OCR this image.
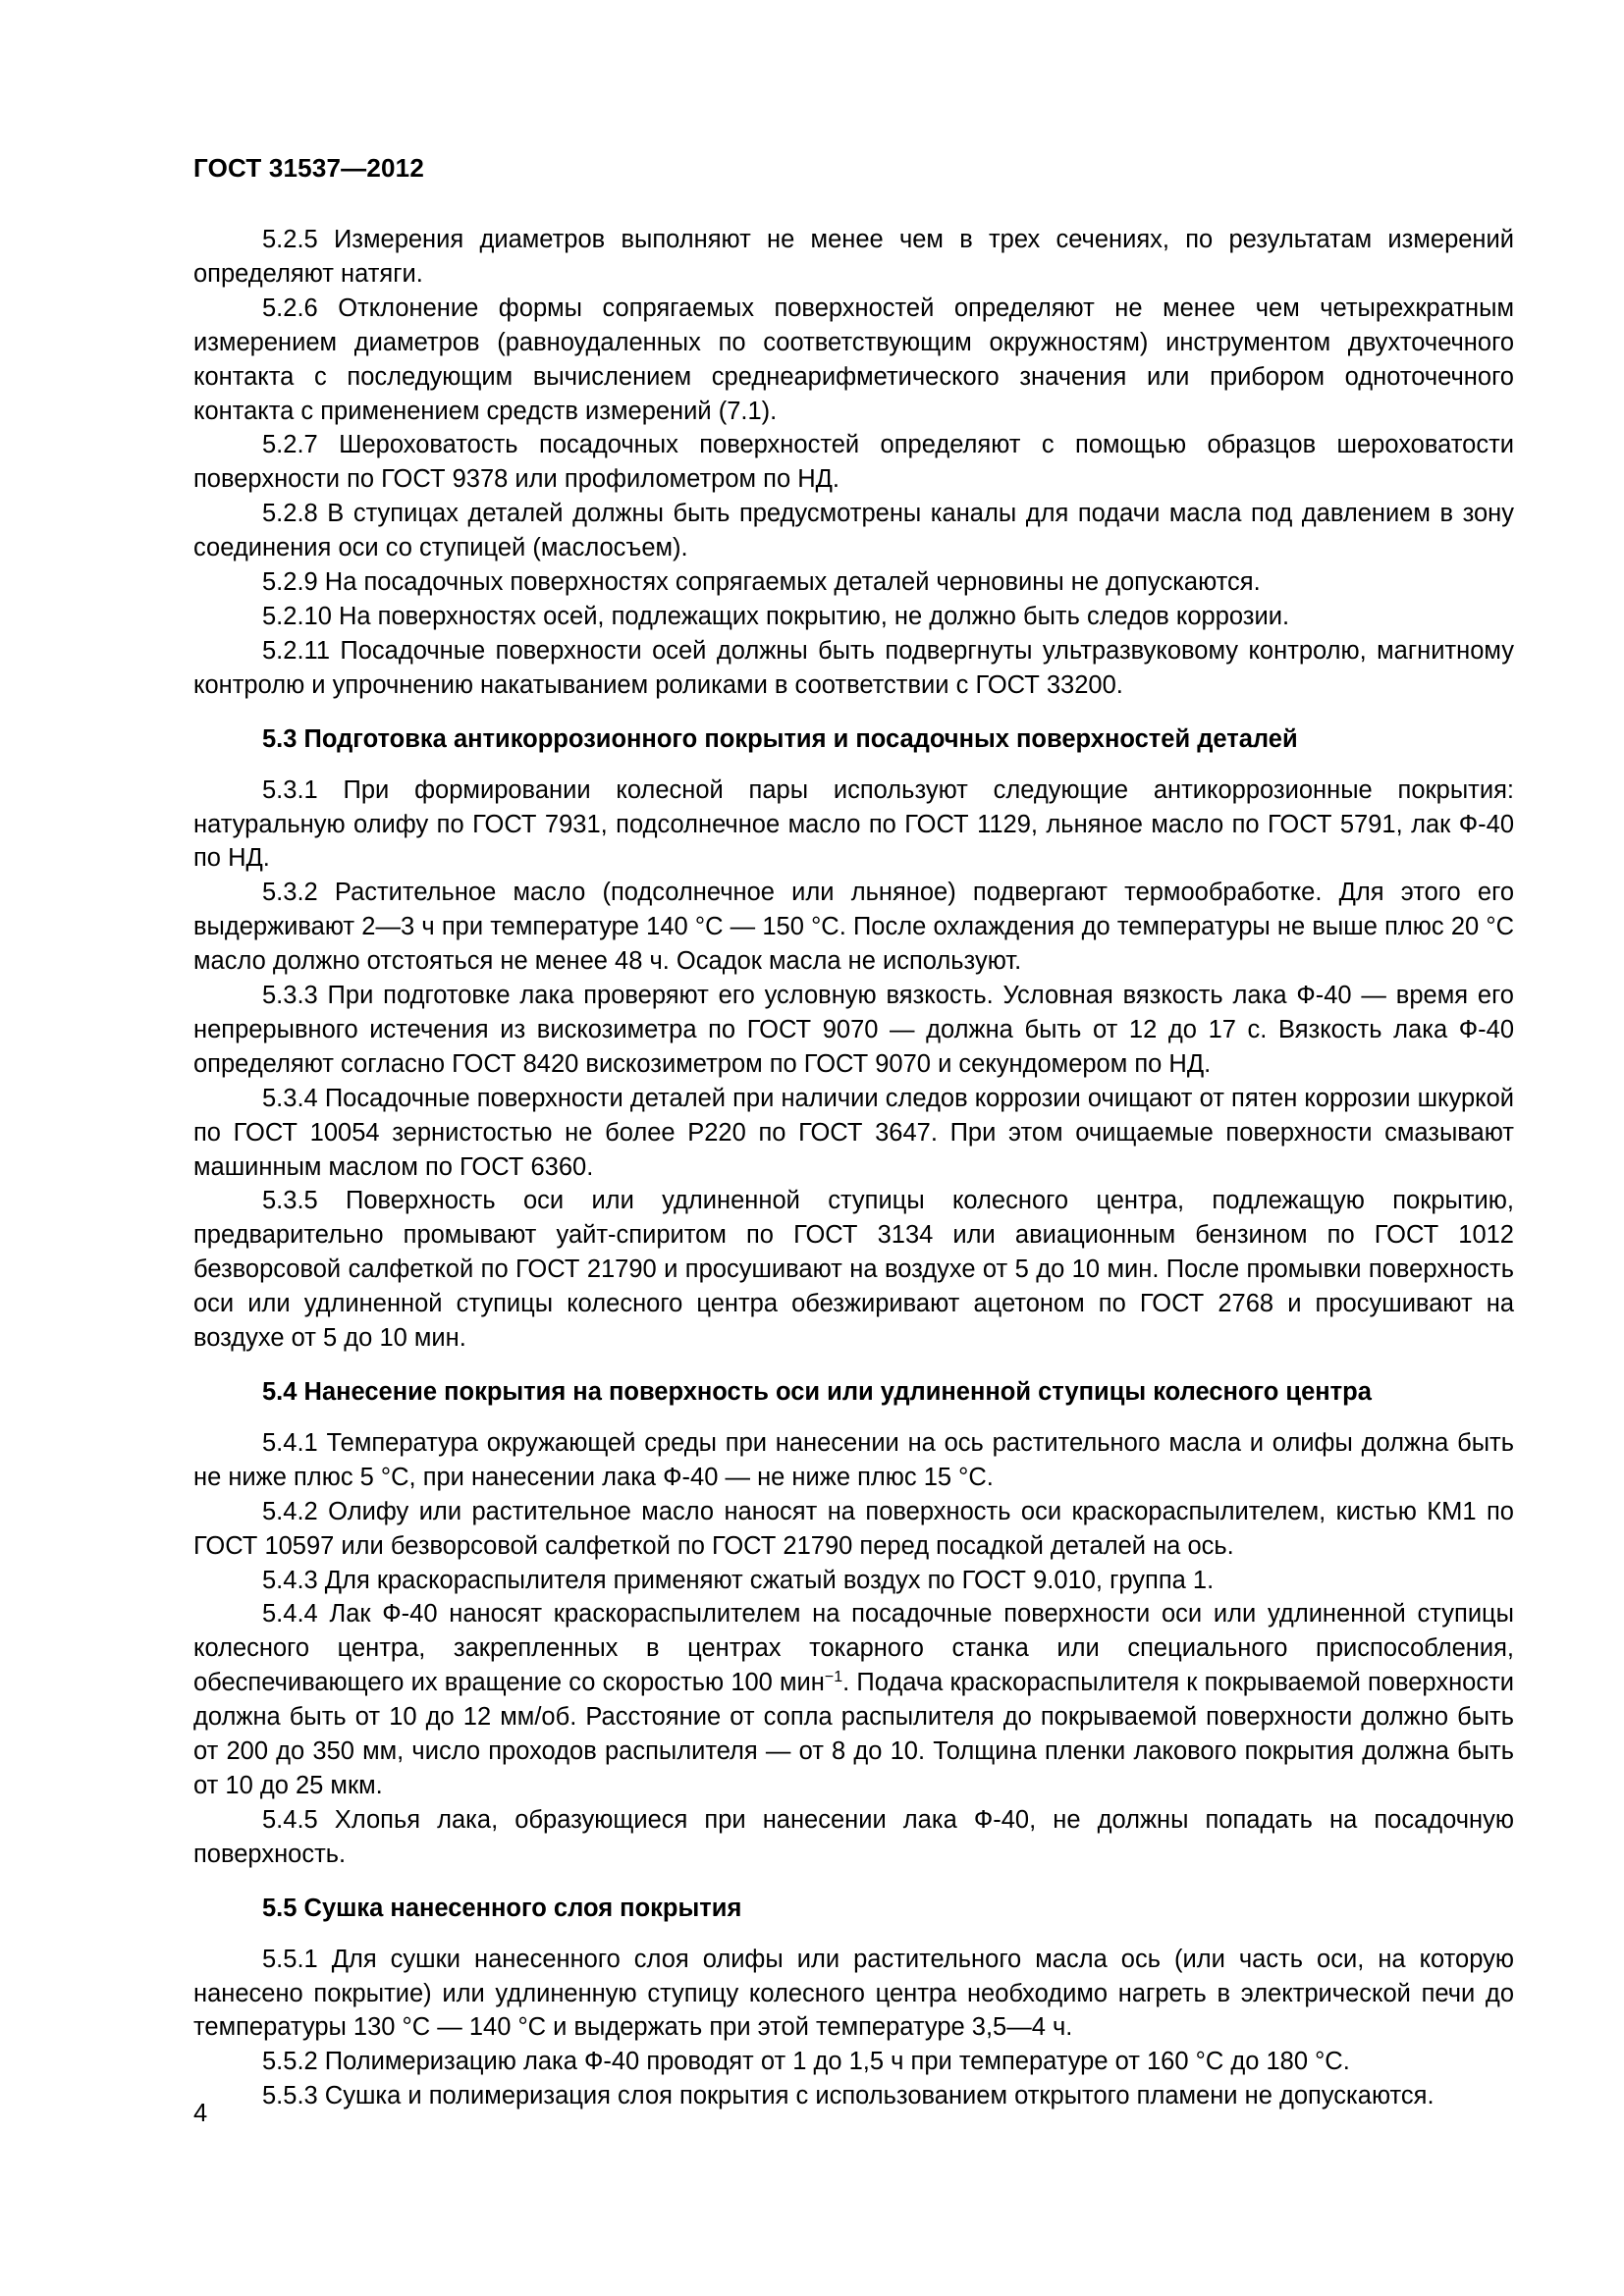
ГОСТ 31537—2012

5.2.5 Измерения диаметров выполняют не менее чем в трех сечениях, по результатам измерений определяют натяги.

5.2.6 Отклонение формы сопрягаемых поверхностей определяют не менее чем четырехкратным измерением диаметров (равноудаленных по соответствующим окружностям) инструментом двухточечного контакта с последующим вычислением среднеарифметического значения или прибором одноточечного контакта с применением средств измерений (7.1).

5.2.7 Шероховатость посадочных поверхностей определяют с помощью образцов шероховатости поверхности по ГОСТ 9378 или профилометром по НД.

5.2.8 В ступицах деталей должны быть предусмотрены каналы для подачи масла под давлением в зону соединения оси со ступицей (маслосъем).

5.2.9 На посадочных поверхностях сопрягаемых деталей черновины не допускаются.

5.2.10 На поверхностях осей, подлежащих покрытию, не должно быть следов коррозии.

5.2.11 Посадочные поверхности осей должны быть подвергнуты ультразвуковому контролю, магнитному контролю и упрочнению накатыванием роликами в соответствии с ГОСТ 33200.

5.3 Подготовка антикоррозионного покрытия и посадочных поверхностей деталей

5.3.1 При формировании колесной пары используют следующие антикоррозионные покрытия: натуральную олифу по ГОСТ 7931, подсолнечное масло по ГОСТ 1129, льняное масло по ГОСТ 5791, лак Ф-40 по НД.

5.3.2 Растительное масло (подсолнечное или льняное) подвергают термообработке. Для этого его выдерживают 2—3 ч при температуре 140 °С — 150 °С. После охлаждения до температуры не выше плюс 20 °С масло должно отстояться не менее 48 ч. Осадок масла не используют.

5.3.3 При подготовке лака проверяют его условную вязкость. Условная вязкость лака Ф-40 — время его непрерывного истечения из вискозиметра по ГОСТ 9070 — должна быть от 12 до 17 с. Вязкость лака Ф-40 определяют согласно ГОСТ 8420 вискозиметром по ГОСТ 9070 и секундомером по НД.

5.3.4 Посадочные поверхности деталей при наличии следов коррозии очищают от пятен коррозии шкуркой по ГОСТ 10054 зернистостью не более Р220 по ГОСТ 3647. При этом очищаемые поверхности смазывают машинным маслом по ГОСТ 6360.

5.3.5 Поверхность оси или удлиненной ступицы колесного центра, подлежащую покрытию, предварительно промывают уайт-спиритом по ГОСТ 3134 или авиационным бензином по ГОСТ 1012 безворсовой салфеткой по ГОСТ 21790 и просушивают на воздухе от 5 до 10 мин. После промывки поверхность оси или удлиненной ступицы колесного центра обезжиривают ацетоном по ГОСТ 2768 и просушивают на воздухе от 5 до 10 мин.

5.4 Нанесение покрытия на поверхность оси или удлиненной ступицы колесного центра

5.4.1 Температура окружающей среды при нанесении на ось растительного масла и олифы должна быть не ниже плюс 5 °С, при нанесении лака Ф-40 — не ниже плюс 15 °С.

5.4.2 Олифу или растительное масло наносят на поверхность оси краскораспылителем, кистью КМ1 по ГОСТ 10597 или безворсовой салфеткой по ГОСТ 21790 перед посадкой деталей на ось.

5.4.3 Для краскораспылителя применяют сжатый воздух по ГОСТ 9.010, группа 1.

5.4.4 Лак Ф-40 наносят краскораспылителем на посадочные поверхности оси или удлиненной ступицы колесного центра, закрепленных в центрах токарного станка или специального приспособления, обеспечивающего их вращение со скоростью 100 мин$^{-1}$. Подача краскораспылителя к покрываемой поверхности должна быть от 10 до 12 мм/об. Расстояние от сопла распылителя до покрываемой поверхности должно быть от 200 до 350 мм, число проходов распылителя — от 8 до 10. Толщина пленки лакового покрытия должна быть от 10 до 25 мкм.

5.4.5 Хлопья лака, образующиеся при нанесении лака Ф-40, не должны попадать на посадочную поверхность.

5.5 Сушка нанесенного слоя покрытия

5.5.1 Для сушки нанесенного слоя олифы или растительного масла ось (или часть оси, на которую нанесено покрытие) или удлиненную ступицу колесного центра необходимо нагреть в электрической печи до температуры 130 °С — 140 °С и выдержать при этой температуре 3,5—4 ч.

5.5.2 Полимеризацию лака Ф-40 проводят от 1 до 1,5 ч при температуре от 160 °С до 180 °С.

5.5.3 Сушка и полимеризация слоя покрытия с использованием открытого пламени не допускаются.

4
